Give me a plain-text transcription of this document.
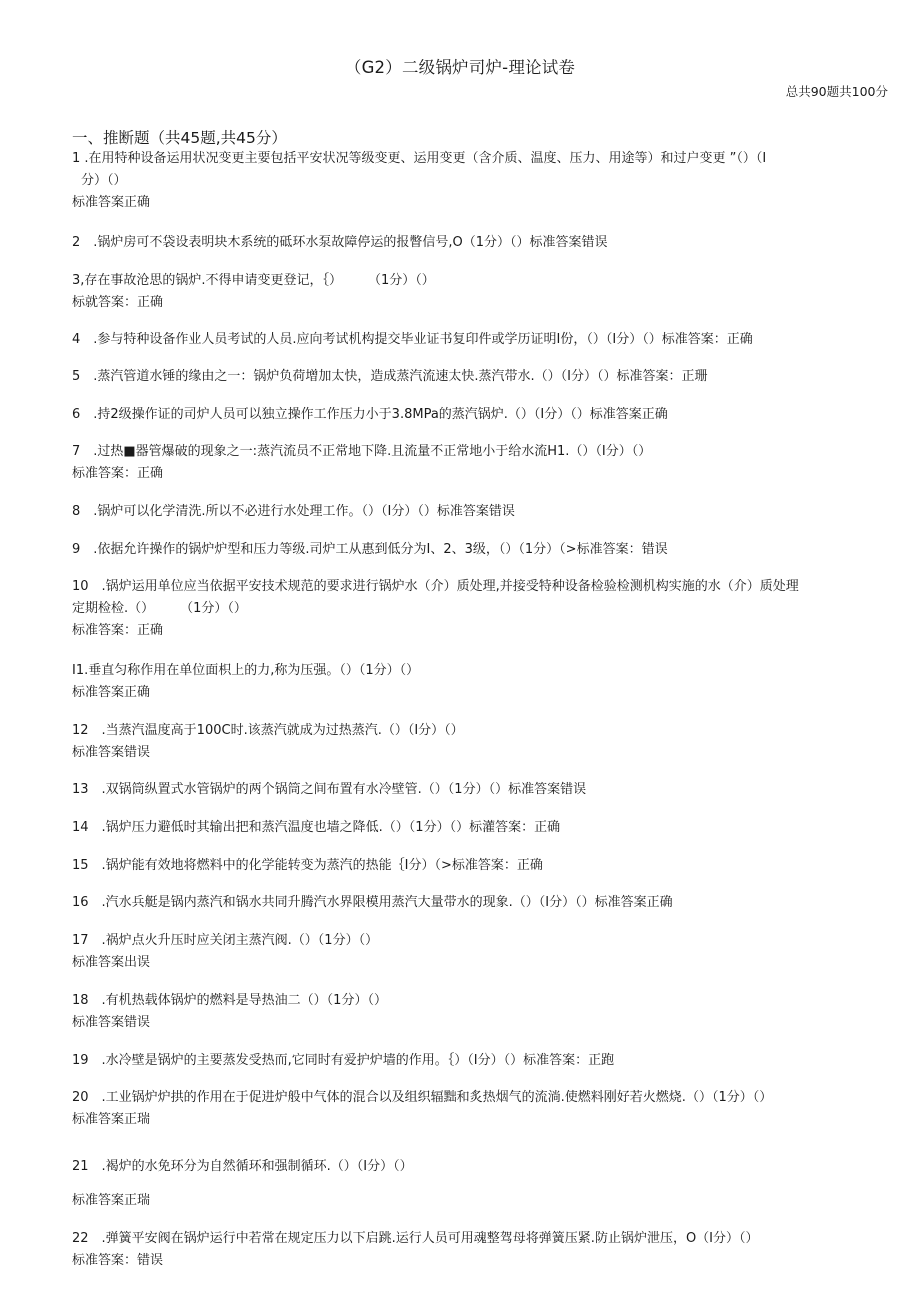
（G2）二级锅炉司炉-理论试卷
总共90题共100分
一、推断题（共45题,共45分）
1 .在用特种设备运用状况变更主要包括平安状况等级变更、运用变更（含介质、温度、压力、用途等）和过户变更 ”（）（I
分）（）
标准答案正确
2　.锅炉房可不袋设表明块木系统的砥环水泵故障停运的报瞥信号,O（1分）（）标准答案错误
3,存在事故沧思的锅炉.不得申请变更登记，｛）　　　（1分）（）
标就答案：正确
4　.参与特种设备作业人员考试的人员.应向考试机构提交毕业证书复印件或学历证明I份，（）（I分）（）标准答案：正确
5　.蒸汽管道水锤的缘由之一：锅炉负荷增加太快，造成蒸汽流速太快.蒸汽带水.（）（I分）（）标准答案：正珊
6　.持2级操作证的司炉人员可以独立操作工作压力小于3.8MPa的蒸汽锅炉.（）（I分）（）标准答案正确
7　.过热■器管爆破的现象之一:蒸汽流员不正常地下降.且流量不正常地小于给水流H1.（）（I分）（）
标准答案：正确
8　.锅炉可以化学清洗.所以不必进行水处理工作。（）（I分）（）标准答案错误
9　.依据允许操作的锅炉炉型和压力等级.司炉工从惠到低分为I、2、3级，（）（1分）（>标准答案：错误
10　.锅炉运用单位应当依据平安技术规范的要求进行锅炉水（介）质处理,并接受特种设备检验检测机构实施的水（介）质处理
定期检检.（）　　　（1分）（）
标准答案：正确
I1.垂直匀称作用在单位面枳上的力,称为压强。（）（1分）（）
标准答案正确
12　.当蒸汽温度高于100C时.该蒸汽就成为过热蒸汽.（）（I分）（）
标准答案错误
13　.双锅筒纵置式水管锅炉的两个锅筒之间布置有水冷壁管.（）（1分）（）标准答案错误
14　.锅炉压力避低时其输出把和蒸汽温度也墙之降低.（）（1分）（）标灌答案：正确
15　.锅炉能有效地将燃料中的化学能转变为蒸汽的热能｛I分）（>标准答案：正确
16　.汽水兵艇是锅内蒸汽和锅水共同升腾汽水界限模用蒸汽大量带水的现象.（）（I分）（）标准答案正确
17　.祸炉点火升压时应关闭主蒸汽阀.（）（1分）（）
标准答案出误
18　.有机热载体锅炉的燃料是导热油二（）（1分）（）
标准答案错误
19　.水冷壁是锅炉的主要蒸发受热而,它同时有爱护炉墙的作用。｛）（I分）（）标准答案：正跑
20　.工业锅炉炉拱的作用在于促进炉般中气体的混合以及组织辐黜和炙热烟气的流淌.使燃料刚好若火燃烧.（）（1分）（）
标准答案正瑞
21　.褐炉的水免环分为自然循环和强制循环.（）（I分）（）
标准答案正瑞
22　.弹簧平安阀在锅炉运行中若常在规定压力以下启跳.运行人员可用魂整驾母将弹簧压紧.防止锅炉泄压，O（I分）（）
标准答案：错误
